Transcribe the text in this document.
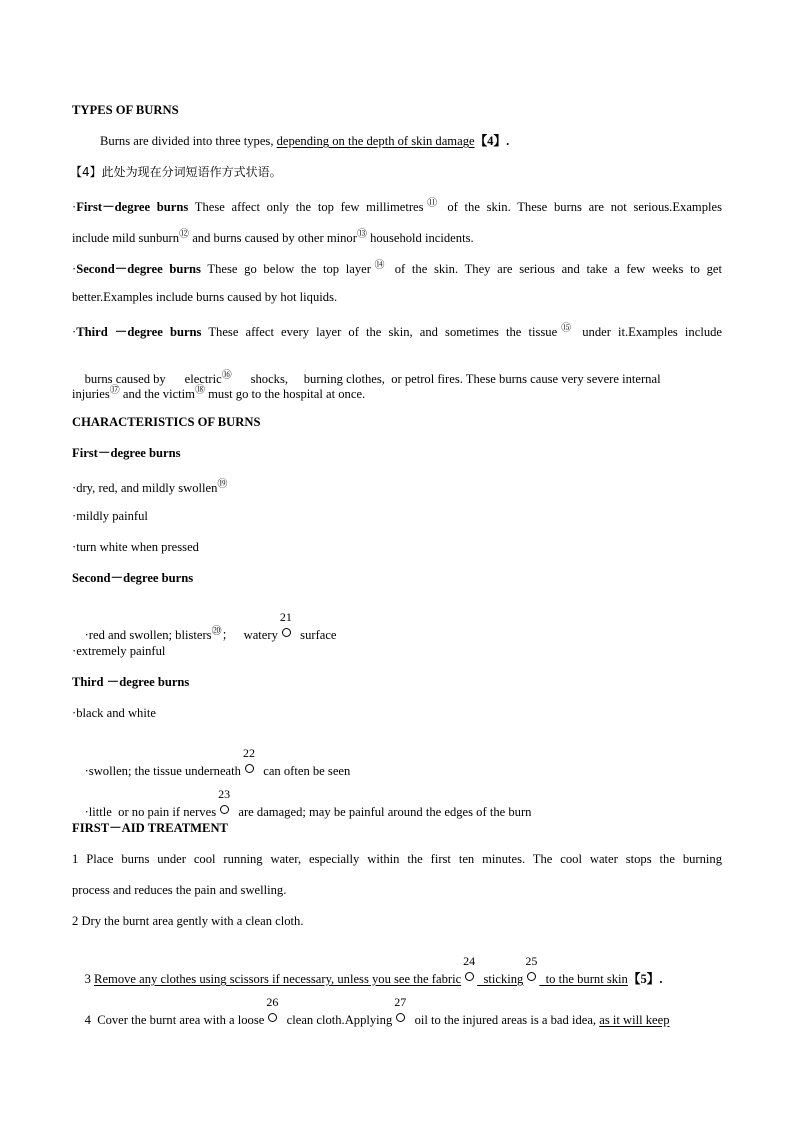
TYPES OF BURNS
Burns are divided into three types, depending on the depth of skin damage【4】.
【4】此处为现在分词短语作方式状语。
·First－degree burns These affect only the top few millimetres⑪ of the skin. These burns are not serious.Examples
include mild sunburn⑫ and burns caused by other minor⑬ household incidents.
·Second－degree burns These go below the top layer⑭ of the skin. They are serious and take a few weeks to get
better.Examples include burns caused by hot liquids.
·Third －degree burns These affect every layer of the skin, and sometimes the tissue⑮ under it.Examples include

burns caused by      electric⑯      shocks,     burning clothes,  or petrol fires. These burns cause very severe internal

injuries⑰ and the victim⑱ must go to the hospital at once.
CHARACTERISTICS OF BURNS
First－degree burns
·dry, red, and mildly swollen⑲
·mildly painful
·turn white when pressed
Second－degree burns

·red and swollen; blisters⑳；   watery
21
surface

·extremely painful
Third －degree burns
·black and white

·swollen; the tissue underneath
22
can often be seen

·little  or no pain if nerves
23
are damaged; may be painful around the edges of the burn

FIRST－AID TREATMENT
1 Place burns under cool running water, especially within the first ten minutes. The cool water stops the burning
process and reduces the pain and swelling.
2 Dry the burnt area gently with a clean cloth.

3 Remove any clothes using scissors if necessary, unless you see the fabric
24
sticking
25
to the burnt skin【5】.

4  Cover the burnt area with a loose
26
clean cloth.Applying
27
oil to the injured areas is a bad idea, as it will keep
